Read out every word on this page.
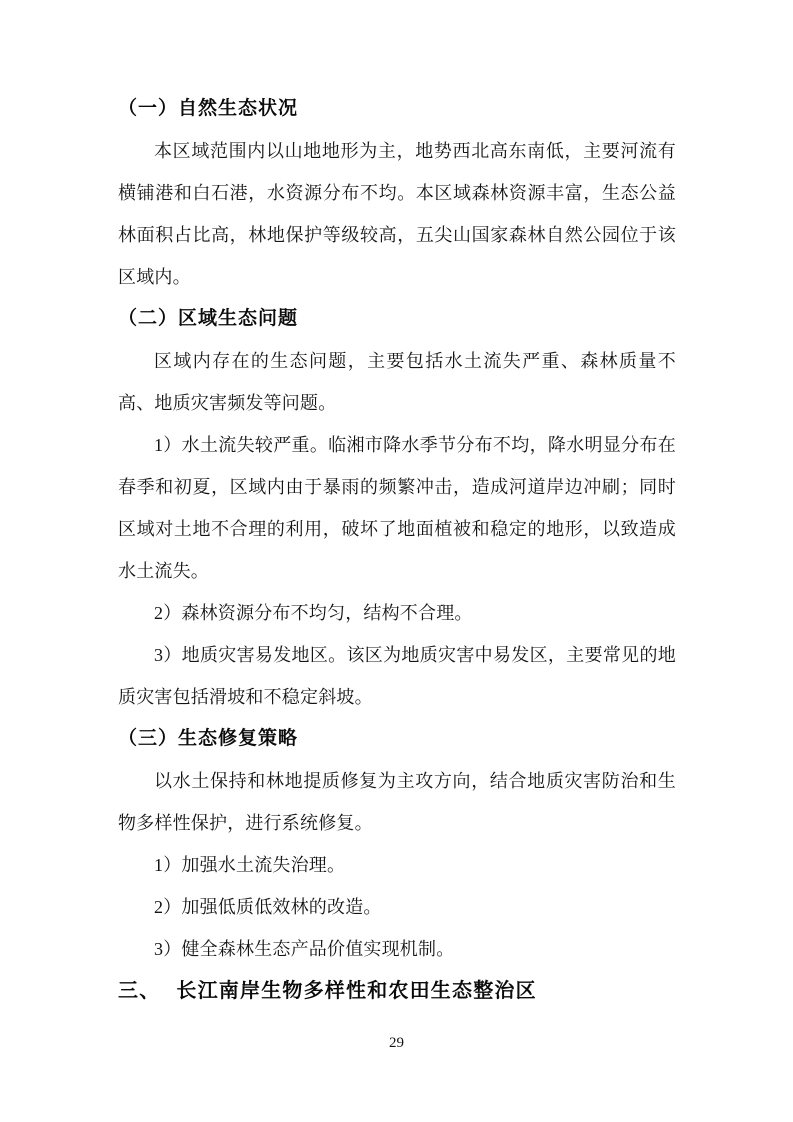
（一）自然生态状况

本区域范围内以山地地形为主，地势西北高东南低，主要河流有横铺港和白石港，水资源分布不均。本区域森林资源丰富，生态公益林面积占比高，林地保护等级较高，五尖山国家森林自然公园位于该区域内。

（二）区域生态问题

区域内存在的生态问题，主要包括水土流失严重、森林质量不高、地质灾害频发等问题。

1）水土流失较严重。临湘市降水季节分布不均，降水明显分布在春季和初夏，区域内由于暴雨的频繁冲击，造成河道岸边冲刷；同时区域对土地不合理的利用，破坏了地面植被和稳定的地形，以致造成水土流失。

2）森林资源分布不均匀，结构不合理。

3）地质灾害易发地区。该区为地质灾害中易发区，主要常见的地质灾害包括滑坡和不稳定斜坡。

（三）生态修复策略

以水土保持和林地提质修复为主攻方向，结合地质灾害防治和生物多样性保护，进行系统修复。

1）加强水土流失治理。

2）加强低质低效林的改造。

3）健全森林生态产品价值实现机制。

三、 长江南岸生物多样性和农田生态整治区
29
